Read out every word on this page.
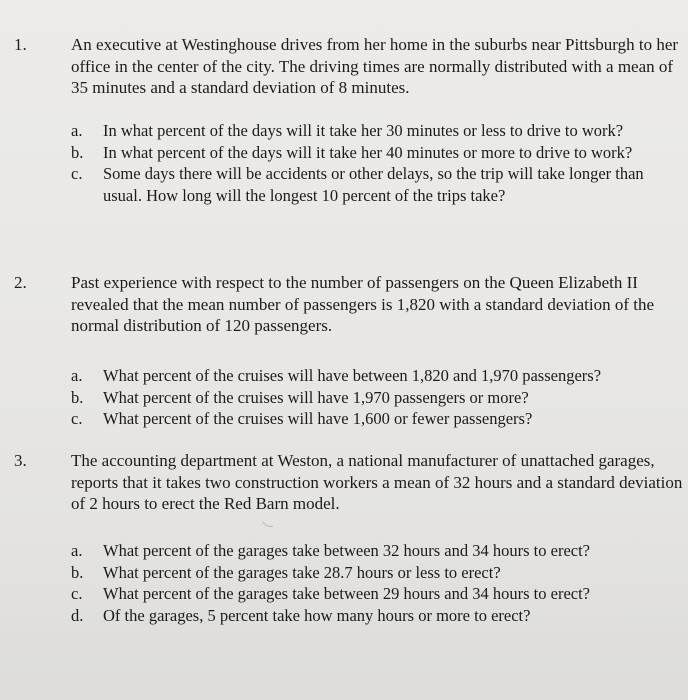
1.	An executive at Westinghouse drives from her home in the suburbs near Pittsburgh to her office in the center of the city. The driving times are normally distributed with a mean of 35 minutes and a standard deviation of 8 minutes.
a. In what percent of the days will it take her 30 minutes or less to drive to work?
b. In what percent of the days will it take her 40 minutes or more to drive to work?
c. Some days there will be accidents or other delays, so the trip will take longer than usual. How long will the longest 10 percent of the trips take?
2.	Past experience with respect to the number of passengers on the Queen Elizabeth II revealed that the mean number of passengers is 1,820 with a standard deviation of the normal distribution of 120 passengers.
a. What percent of the cruises will have between 1,820 and 1,970 passengers?
b. What percent of the cruises will have 1,970 passengers or more?
c. What percent of the cruises will have 1,600 or fewer passengers?
3.	The accounting department at Weston, a national manufacturer of unattached garages, reports that it takes two construction workers a mean of 32 hours and a standard deviation of 2 hours to erect the Red Barn model.
a. What percent of the garages take between 32 hours and 34 hours to erect?
b. What percent of the garages take 28.7 hours or less to erect?
c. What percent of the garages take between 29 hours and 34 hours to erect?
d. Of the garages, 5 percent take how many hours or more to erect?
